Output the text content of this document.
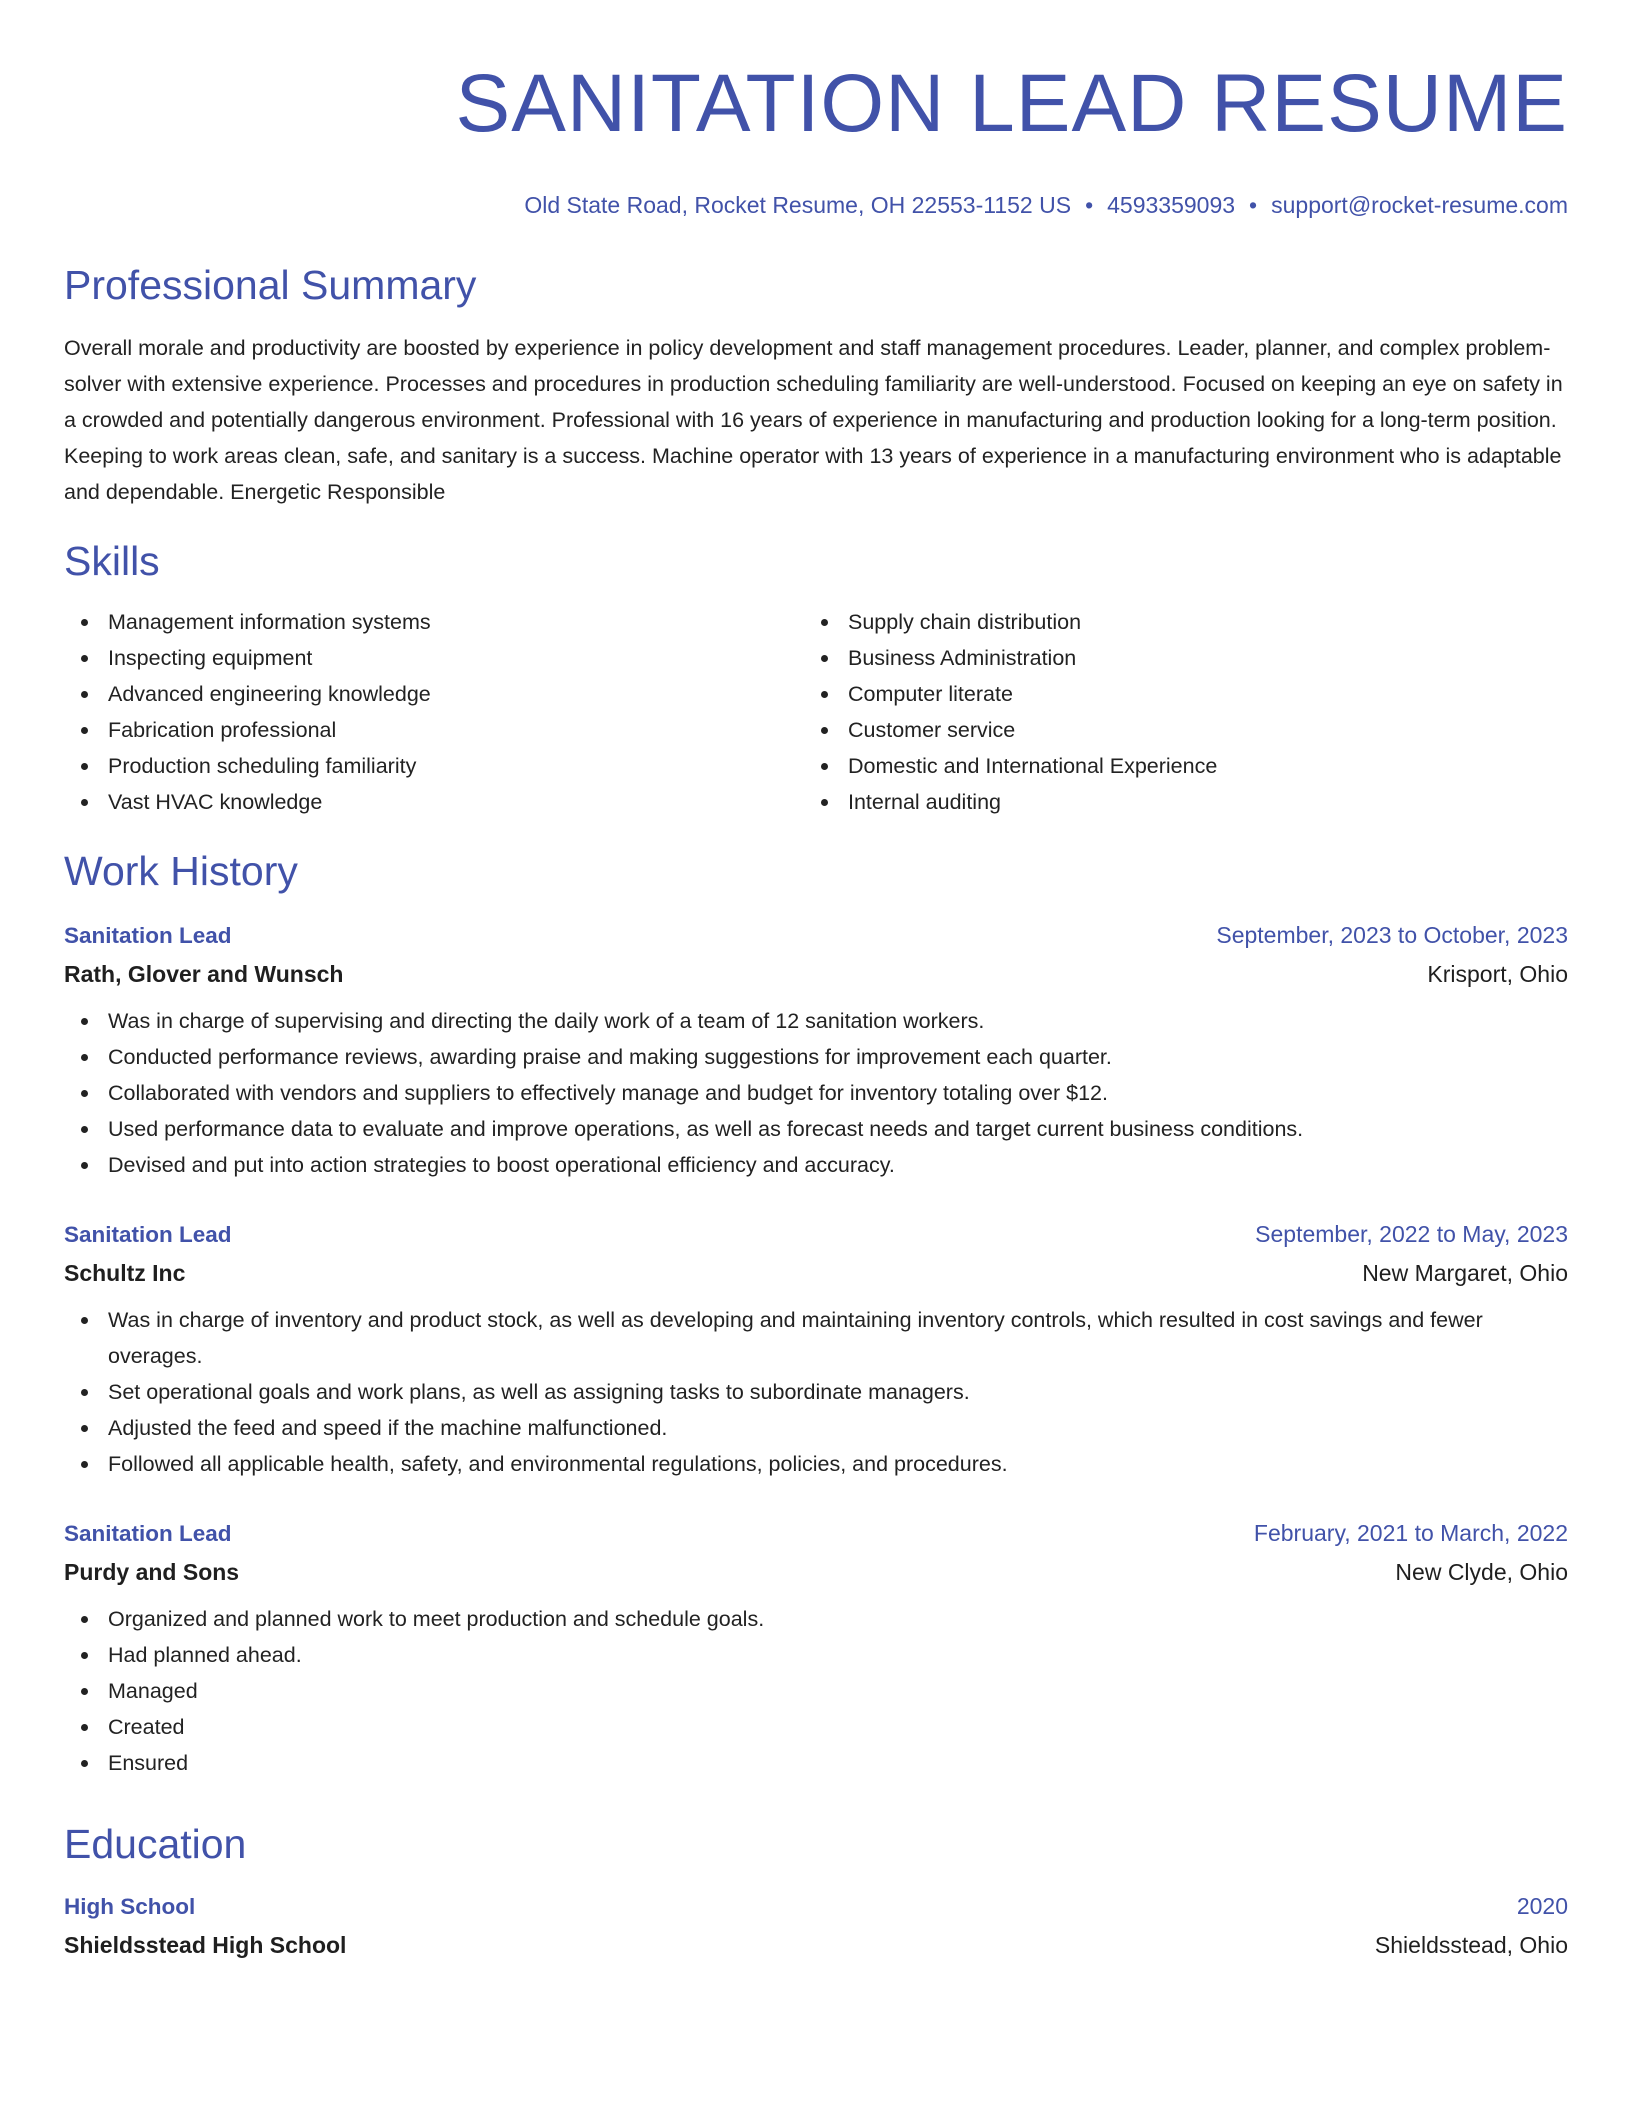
SANITATION LEAD RESUME
Old State Road, Rocket Resume, OH 22553-1152 US • 4593359093 • support@rocket-resume.com
Professional Summary

Overall morale and productivity are boosted by experience in policy development and staff management procedures. Leader, planner, and complex problem-solver with extensive experience. Processes and procedures in production scheduling familiarity are well-understood. Focused on keeping an eye on safety in a crowded and potentially dangerous environment. Professional with 16 years of experience in manufacturing and production looking for a long-term position. Keeping to work areas clean, safe, and sanitary is a success. Machine operator with 13 years of experience in a manufacturing environment who is adaptable and dependable. Energetic Responsible

Skills
Management information systems
Inspecting equipment
Advanced engineering knowledge
Fabrication professional
Production scheduling familiarity
Vast HVAC knowledge
Supply chain distribution
Business Administration
Computer literate
Customer service
Domestic and International Experience
Internal auditing
Work History
Sanitation Lead	September, 2023 to October, 2023
Rath, Glover and Wunsch	Krisport, Ohio
Was in charge of supervising and directing the daily work of a team of 12 sanitation workers.
Conducted performance reviews, awarding praise and making suggestions for improvement each quarter.
Collaborated with vendors and suppliers to effectively manage and budget for inventory totaling over $12.
Used performance data to evaluate and improve operations, as well as forecast needs and target current business conditions.
Devised and put into action strategies to boost operational efficiency and accuracy.
Sanitation Lead	September, 2022 to May, 2023
Schultz Inc	New Margaret, Ohio
Was in charge of inventory and product stock, as well as developing and maintaining inventory controls, which resulted in cost savings and fewer overages.
Set operational goals and work plans, as well as assigning tasks to subordinate managers.
Adjusted the feed and speed if the machine malfunctioned.
Followed all applicable health, safety, and environmental regulations, policies, and procedures.
Sanitation Lead	February, 2021 to March, 2022
Purdy and Sons	New Clyde, Ohio
Organized and planned work to meet production and schedule goals.
Had planned ahead.
Managed
Created
Ensured
Education
High School	2020
Shieldsstead High School	Shieldsstead, Ohio
